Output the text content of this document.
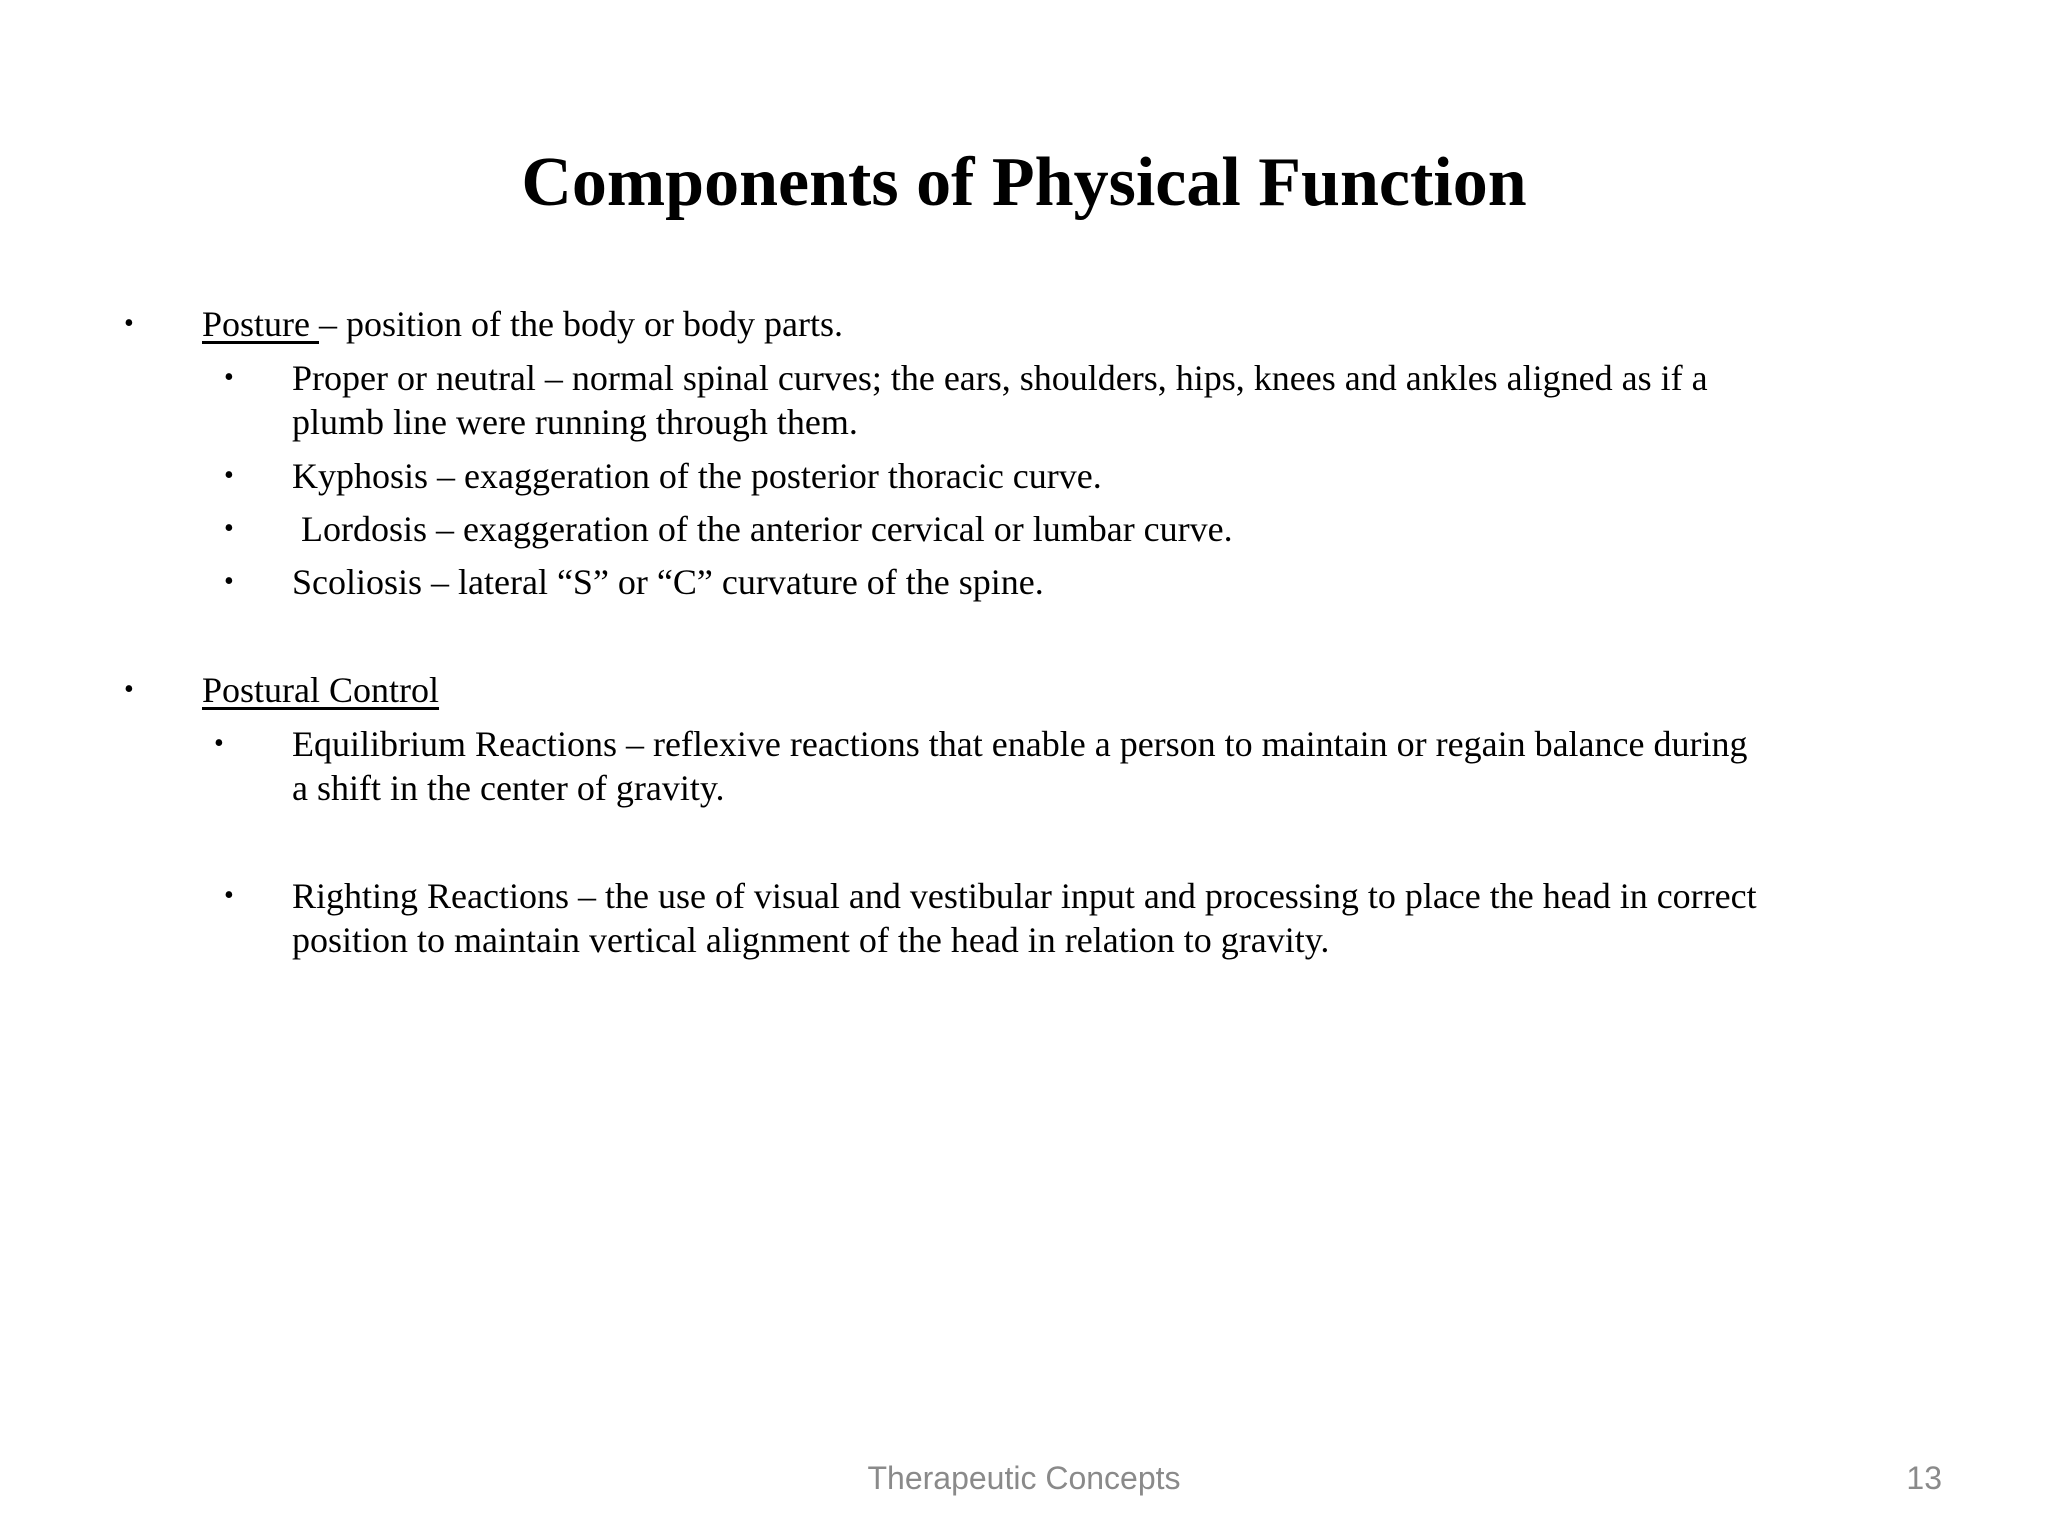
Components of Physical Function
• Posture – position of the body or body parts.
• Proper or neutral – normal spinal curves; the ears, shoulders, hips, knees and ankles aligned as if a
plumb line were running through them.
• Kyphosis – exaggeration of the posterior thoracic curve.
• Lordosis – exaggeration of the anterior cervical or lumbar curve.
• Scoliosis – lateral “S” or “C” curvature of the spine.
• Postural Control
• Equilibrium Reactions – reflexive reactions that enable a person to maintain or regain balance during
a shift in the center of gravity.
• Righting Reactions – the use of visual and vestibular input and processing to place the head in correct
position to maintain vertical alignment of the head in relation to gravity.
Therapeutic Concepts	13
